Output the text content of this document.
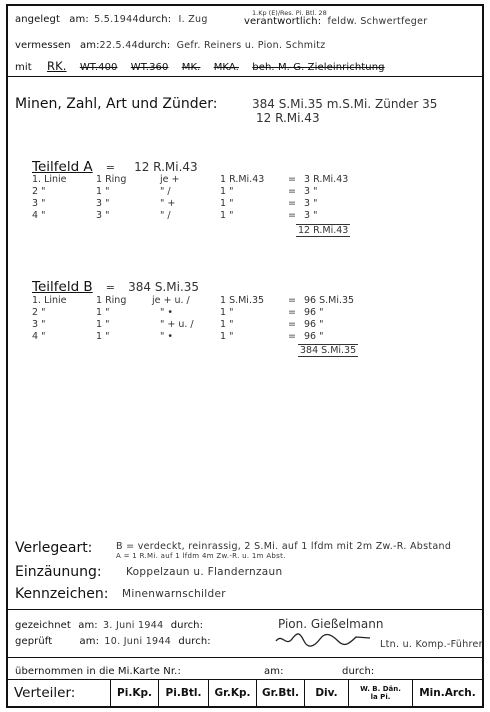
angelegt am: 5.5.1944durch: I. Zug
1.Kp (E)/Res. Pi. Btl. 28
verantwortlich: feldw. Schwertfeger
vermessen am:22.5.44durch: Gefr. Reiners u. Pion. Schmitz
mit RK. WT.400 WT.360 MK. MKA. beh. M. G. Zieleinrichtung
Minen, Zahl, Art und Zünder:	384 S.Mi.35 m.S.Mi. Zünder 35
12 R.Mi.43
Teilfeld A = 12 R.Mi.43
1. Linie	1 Ring	je +	1 R.Mi.43 = 3 R.Mi.43
2 "	1 "	" /	1 "	= 3 "
3 "	3 "	" +	1 "	= 3 "
4 "	3 "	" /	1 "	= 3 "
12 R.Mi.43
Teilfeld B = 384 S.Mi.35
1. Linie	1 Ring	je + u. /	1 S.Mi.35	= 96 S.Mi.35
2 "	1 "	" •	1 "	= 96 "
3 "	1 "	" + u. /	1 "	= 96 "
4 "	1 "	" •	1 "	= 96 "
384 S.Mi.35
Verlegeart: B = verdeckt, reinrassig, 2 S.Mi. auf 1 lfdm mit 2m Zw.-R. Abstand
A = 1 R.Mi. auf 1 lfdm 4m Zw.-R. u. 1m Abst.
Einzäunung: Koppelzaun u. Flandernzaun
Kennzeichen: Minenwarnschilder
gezeichnet am: 3. Juni 1944 durch:	Pion. Gießelmann
geprüft	am: 10. Juni 1944 durch:	Ltn. u. Komp.-Führer
übernommen in die Mi.Karte Nr.:	am:	durch:
Verteiler:	Pi.Kp.	Pi.Btl.	Gr.Kp.	Gr.Btl.	Div.	W. B. Dän.
la Pi.	Min.Arch.
